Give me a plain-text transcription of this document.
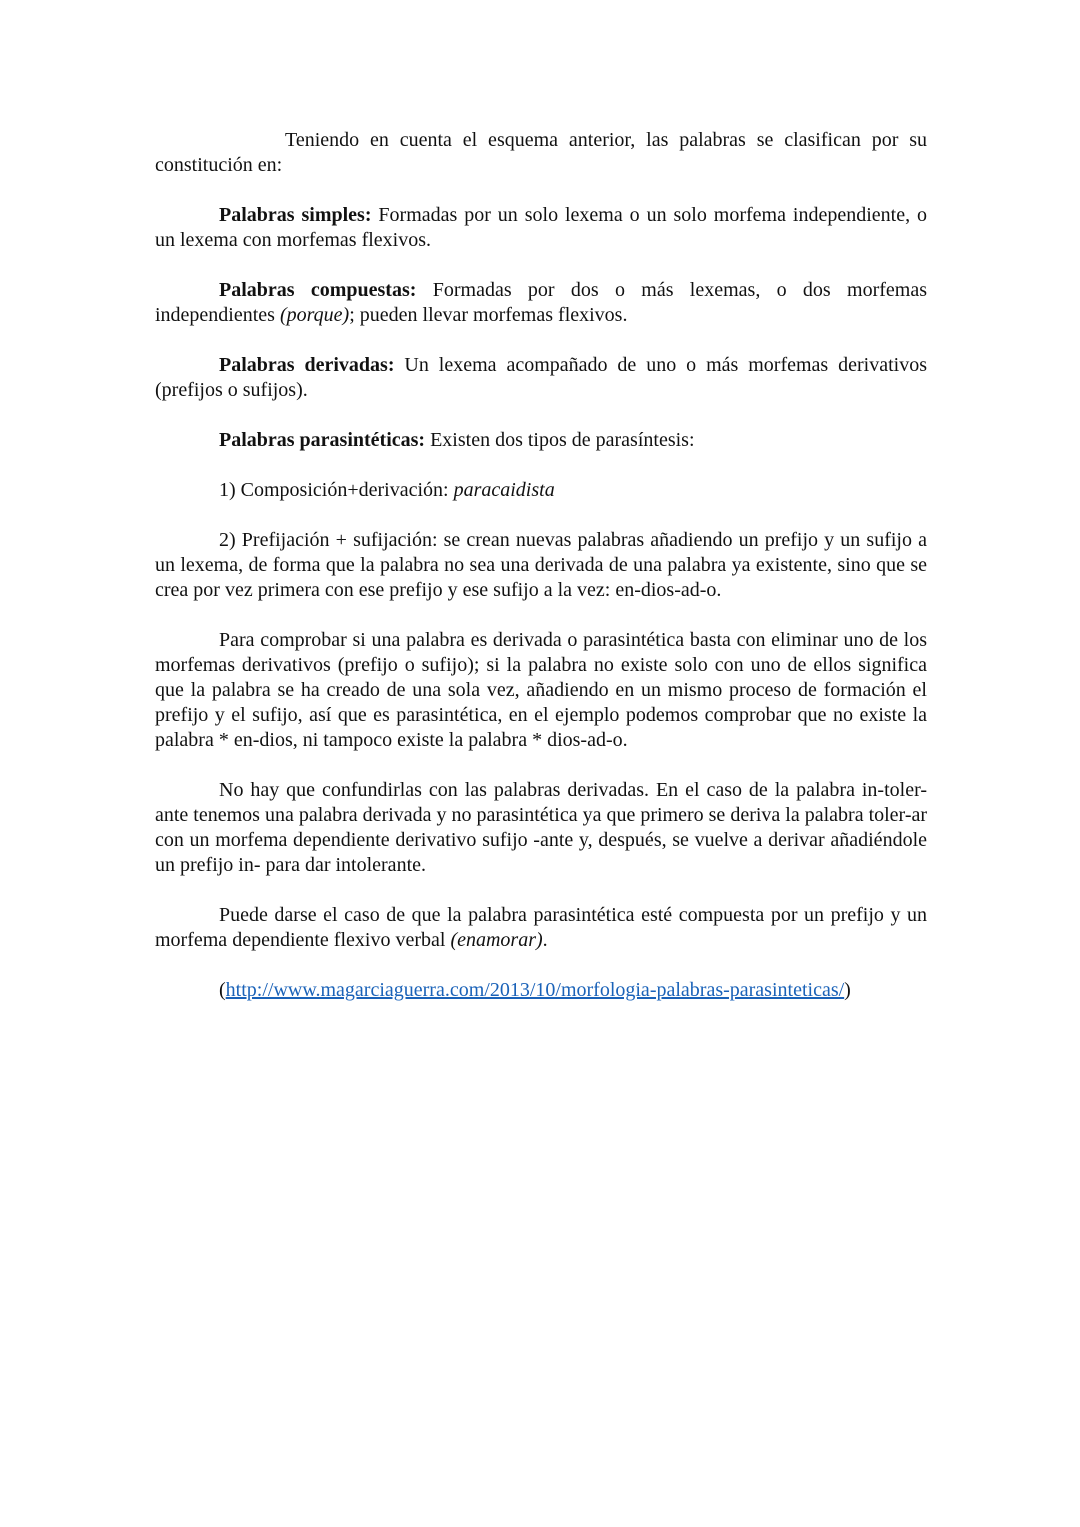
Teniendo en cuenta el esquema anterior, las palabras se clasifican por su constitución en:

Palabras simples: Formadas por un solo lexema o un solo morfema independiente, o un lexema con morfemas flexivos.

Palabras compuestas: Formadas por dos o más lexemas, o dos morfemas independientes (porque); pueden llevar morfemas flexivos.

Palabras derivadas: Un lexema acompañado de uno o más morfemas derivativos (prefijos o sufijos).

Palabras parasintéticas: Existen dos tipos de parasíntesis:

1) Composición+derivación: paracaidista

2) Prefijación + sufijación: se crean nuevas palabras añadiendo un prefijo y un sufijo a un lexema, de forma que la palabra no sea una derivada de una palabra ya existente, sino que se crea por vez primera con ese prefijo y ese sufijo a la vez: en-dios-ad-o.

Para comprobar si una palabra es derivada o parasintética basta con eliminar uno de los morfemas derivativos (prefijo o sufijo); si la palabra no existe solo con uno de ellos significa que la palabra se ha creado de una sola vez, añadiendo en un mismo proceso de formación el prefijo y el sufijo, así que es parasintética, en el ejemplo podemos comprobar que no existe la palabra * en-dios, ni tampoco existe la palabra * dios-ad-o.

No hay que confundirlas con las palabras derivadas. En el caso de la palabra in-toler-ante tenemos una palabra derivada y no parasintética ya que primero se deriva la palabra toler-ar con un morfema dependiente derivativo sufijo -ante y, después, se vuelve a derivar añadiéndole un prefijo in- para dar intolerante.

Puede darse el caso de que la palabra parasintética esté compuesta por un prefijo y un morfema dependiente flexivo verbal (enamorar).

(http://www.magarciaguerra.com/2013/10/morfologia-palabras-parasinteticas/)
